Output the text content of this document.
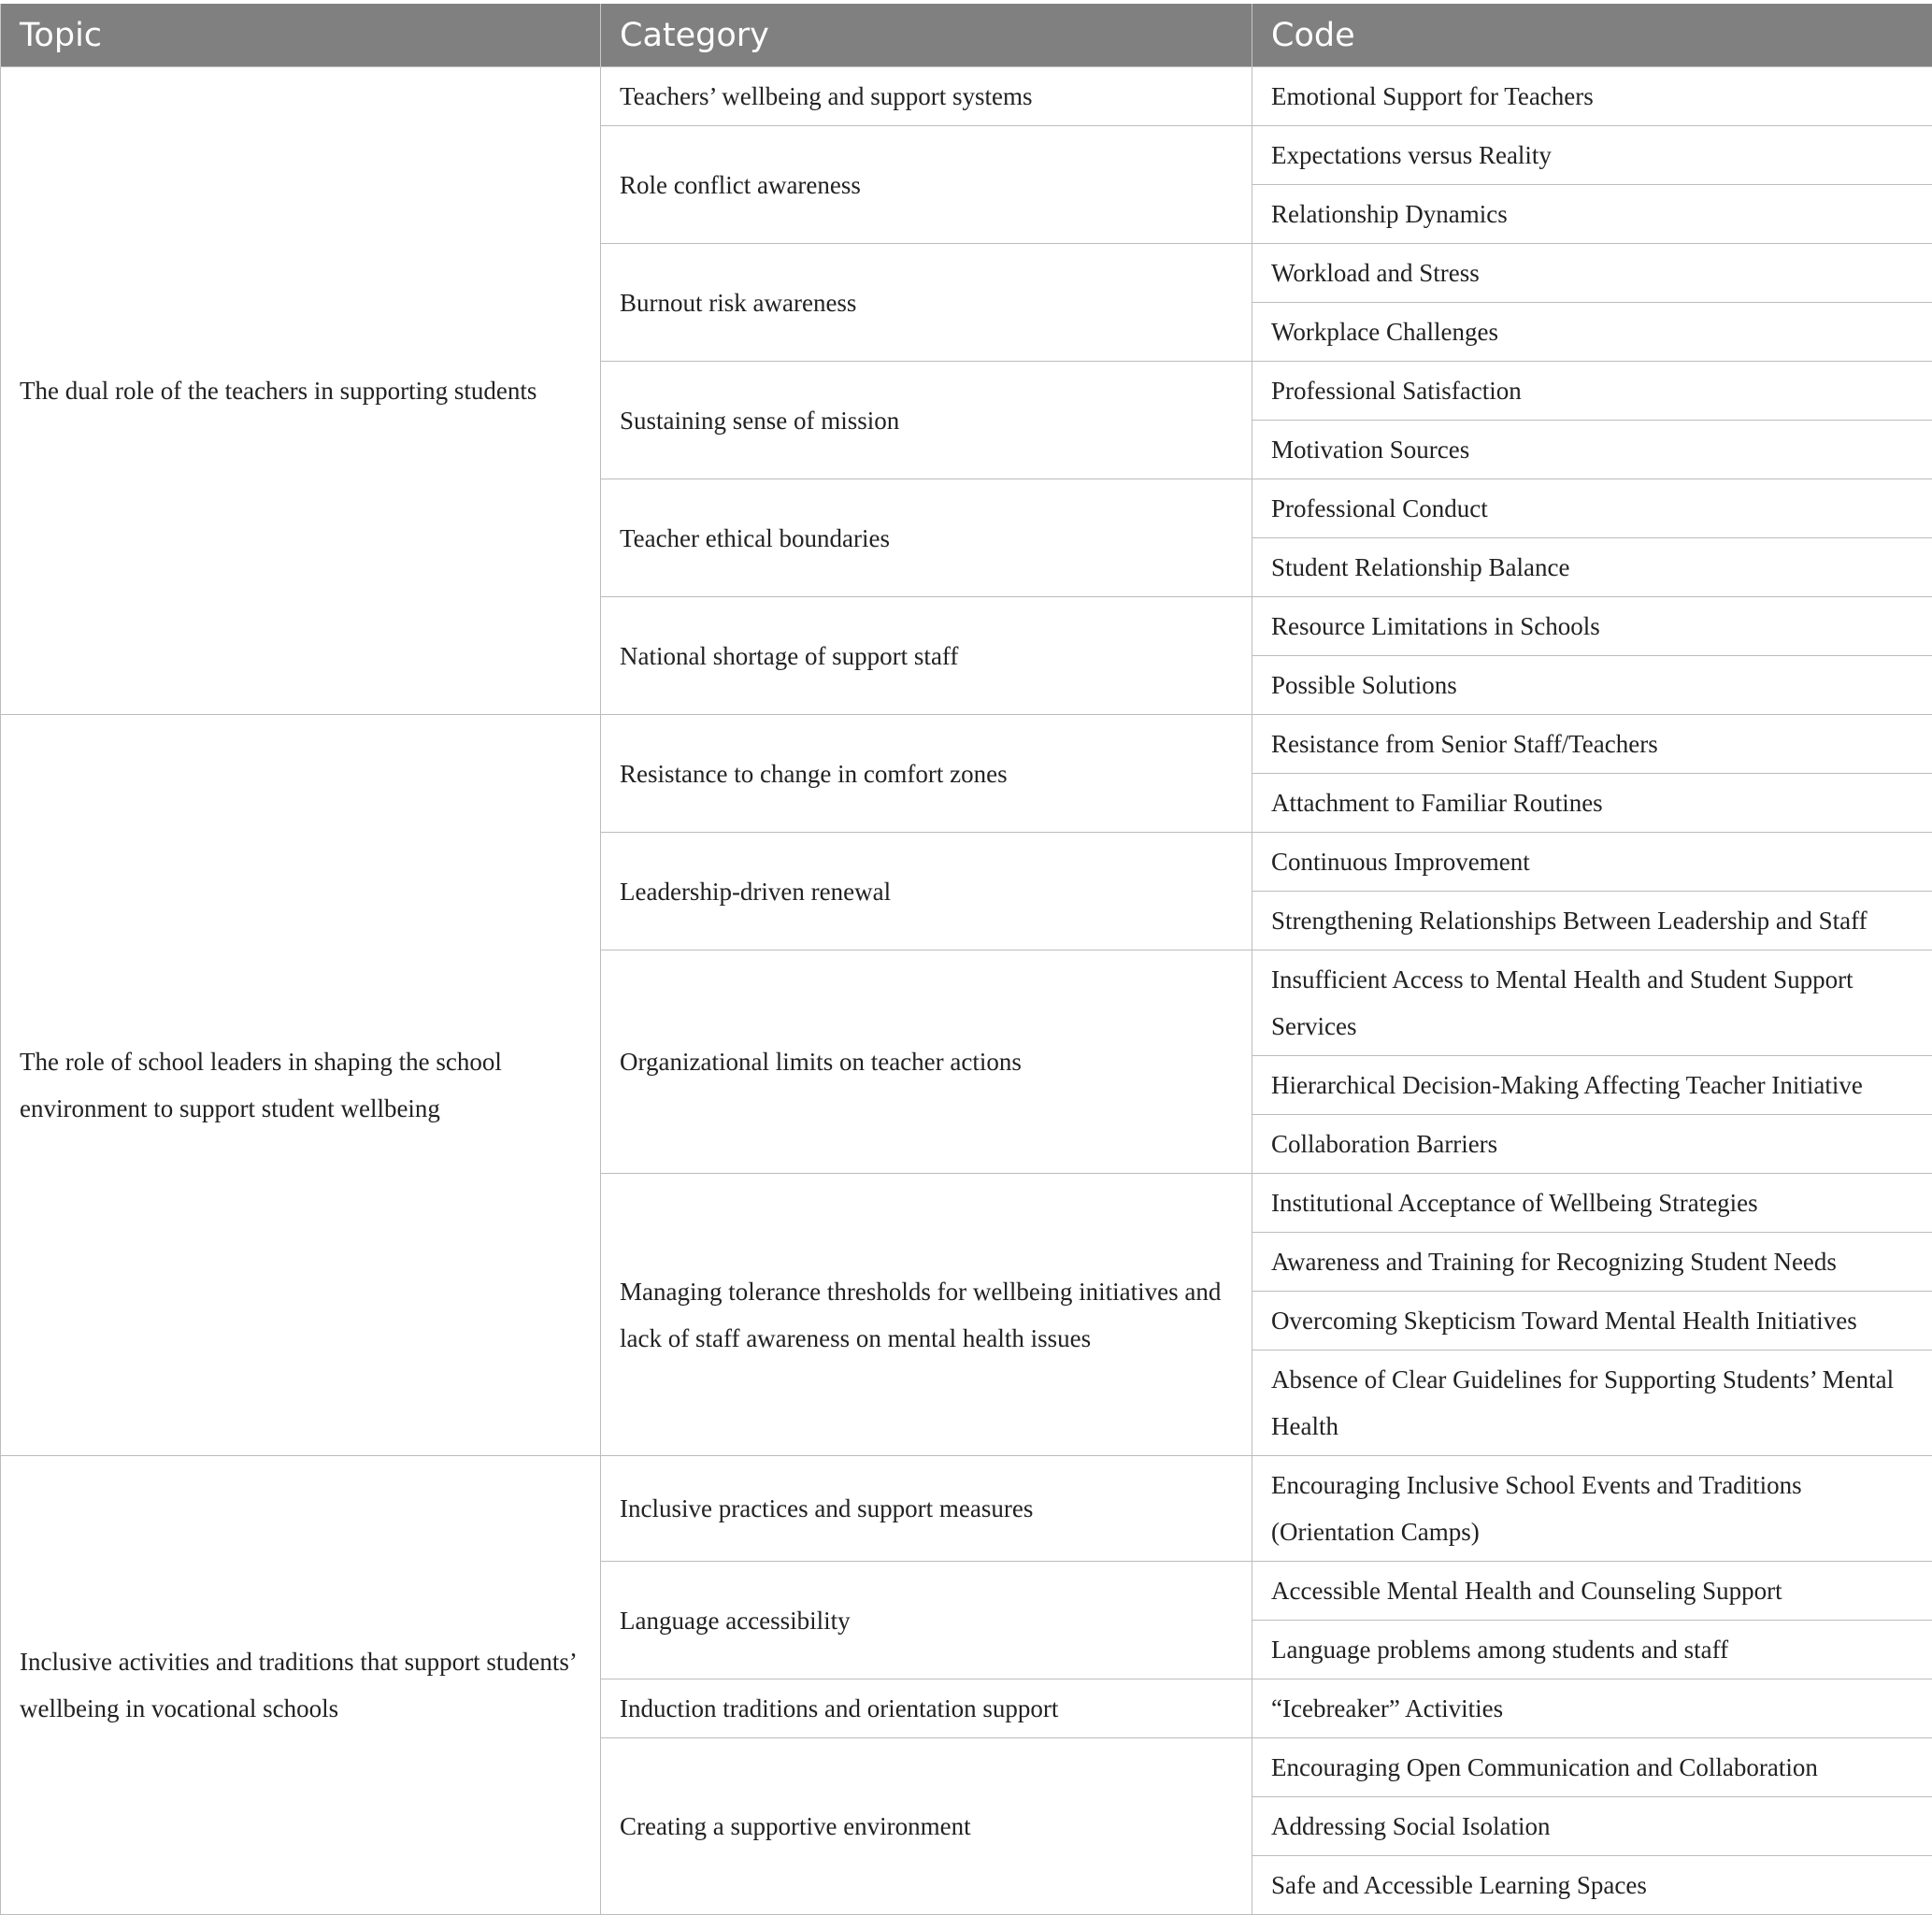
Topic	Category	Code
The dual role of the teachers in supporting students	Teachers’ wellbeing and support systems	Emotional Support for Teachers
	Role conflict awareness	Expectations versus Reality
		Relationship Dynamics
	Burnout risk awareness	Workload and Stress
		Workplace Challenges
	Sustaining sense of mission	Professional Satisfaction
		Motivation Sources
	Teacher ethical boundaries	Professional Conduct
		Student Relationship Balance
	National shortage of support staff	Resource Limitations in Schools
		Possible Solutions
The role of school leaders in shaping the school environment to support student wellbeing	Resistance to change in comfort zones	Resistance from Senior Staff/Teachers
		Attachment to Familiar Routines
	Leadership-driven renewal	Continuous Improvement
		Strengthening Relationships Between Leadership and Staff
	Organizational limits on teacher actions	Insufficient Access to Mental Health and Student Support Services
		Hierarchical Decision-Making Affecting Teacher Initiative
		Collaboration Barriers
	Managing tolerance thresholds for wellbeing initiatives and lack of staff awareness on mental health issues	Institutional Acceptance of Wellbeing Strategies
		Awareness and Training for Recognizing Student Needs
		Overcoming Skepticism Toward Mental Health Initiatives
		Absence of Clear Guidelines for Supporting Students’ Mental Health
Inclusive activities and traditions that support students’ wellbeing in vocational schools	Inclusive practices and support measures	Encouraging Inclusive School Events and Traditions (Orientation Camps)
	Language accessibility	Accessible Mental Health and Counseling Support
		Language problems among students and staff
	Induction traditions and orientation support	“Icebreaker” Activities
	Creating a supportive environment	Encouraging Open Communication and Collaboration
		Addressing Social Isolation
		Safe and Accessible Learning Spaces
